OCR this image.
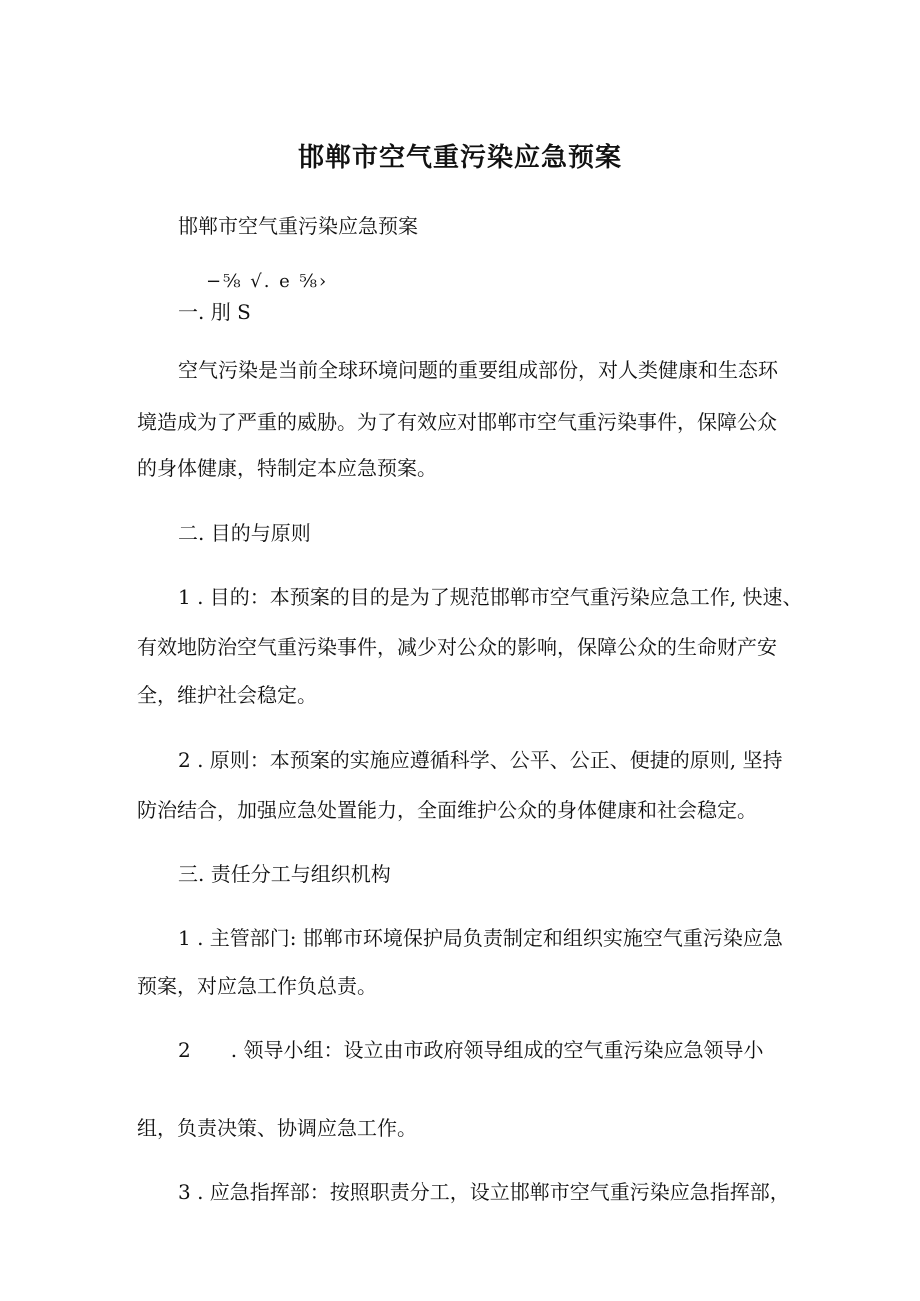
邯郸市空气重污染应急预案
邯郸市空气重污染应急预案
−⅝ √. e ⅝›
一. 刖 S
空气污染是当前全球环境问题的重要组成部份，对人类健康和生态环
境造成为了严重的威胁。为了有效应对邯郸市空气重污染事件，保障公众
的身体健康，特制定本应急预案。
二. 目的与原则
1 . 目的：本预案的目的是为了规范邯郸市空气重污染应急工作, 快速、
有效地防治空气重污染事件，减少对公众的影响，保障公众的生命财产安
全，维护社会稳定。
2 . 原则：本预案的实施应遵循科学、公平、公正、便捷的原则, 坚持
防治结合，加强应急处置能力，全面维护公众的身体健康和社会稳定。
三. 责任分工与组织机构
1 . 主管部门: 邯郸市环境保护局负责制定和组织实施空气重污染应急
预案，对应急工作负总责。
2　　. 领导小组：设立由市政府领导组成的空气重污染应急领导小
组，负责决策、协调应急工作。
3 . 应急指挥部：按照职责分工，设立邯郸市空气重污染应急指挥部，
